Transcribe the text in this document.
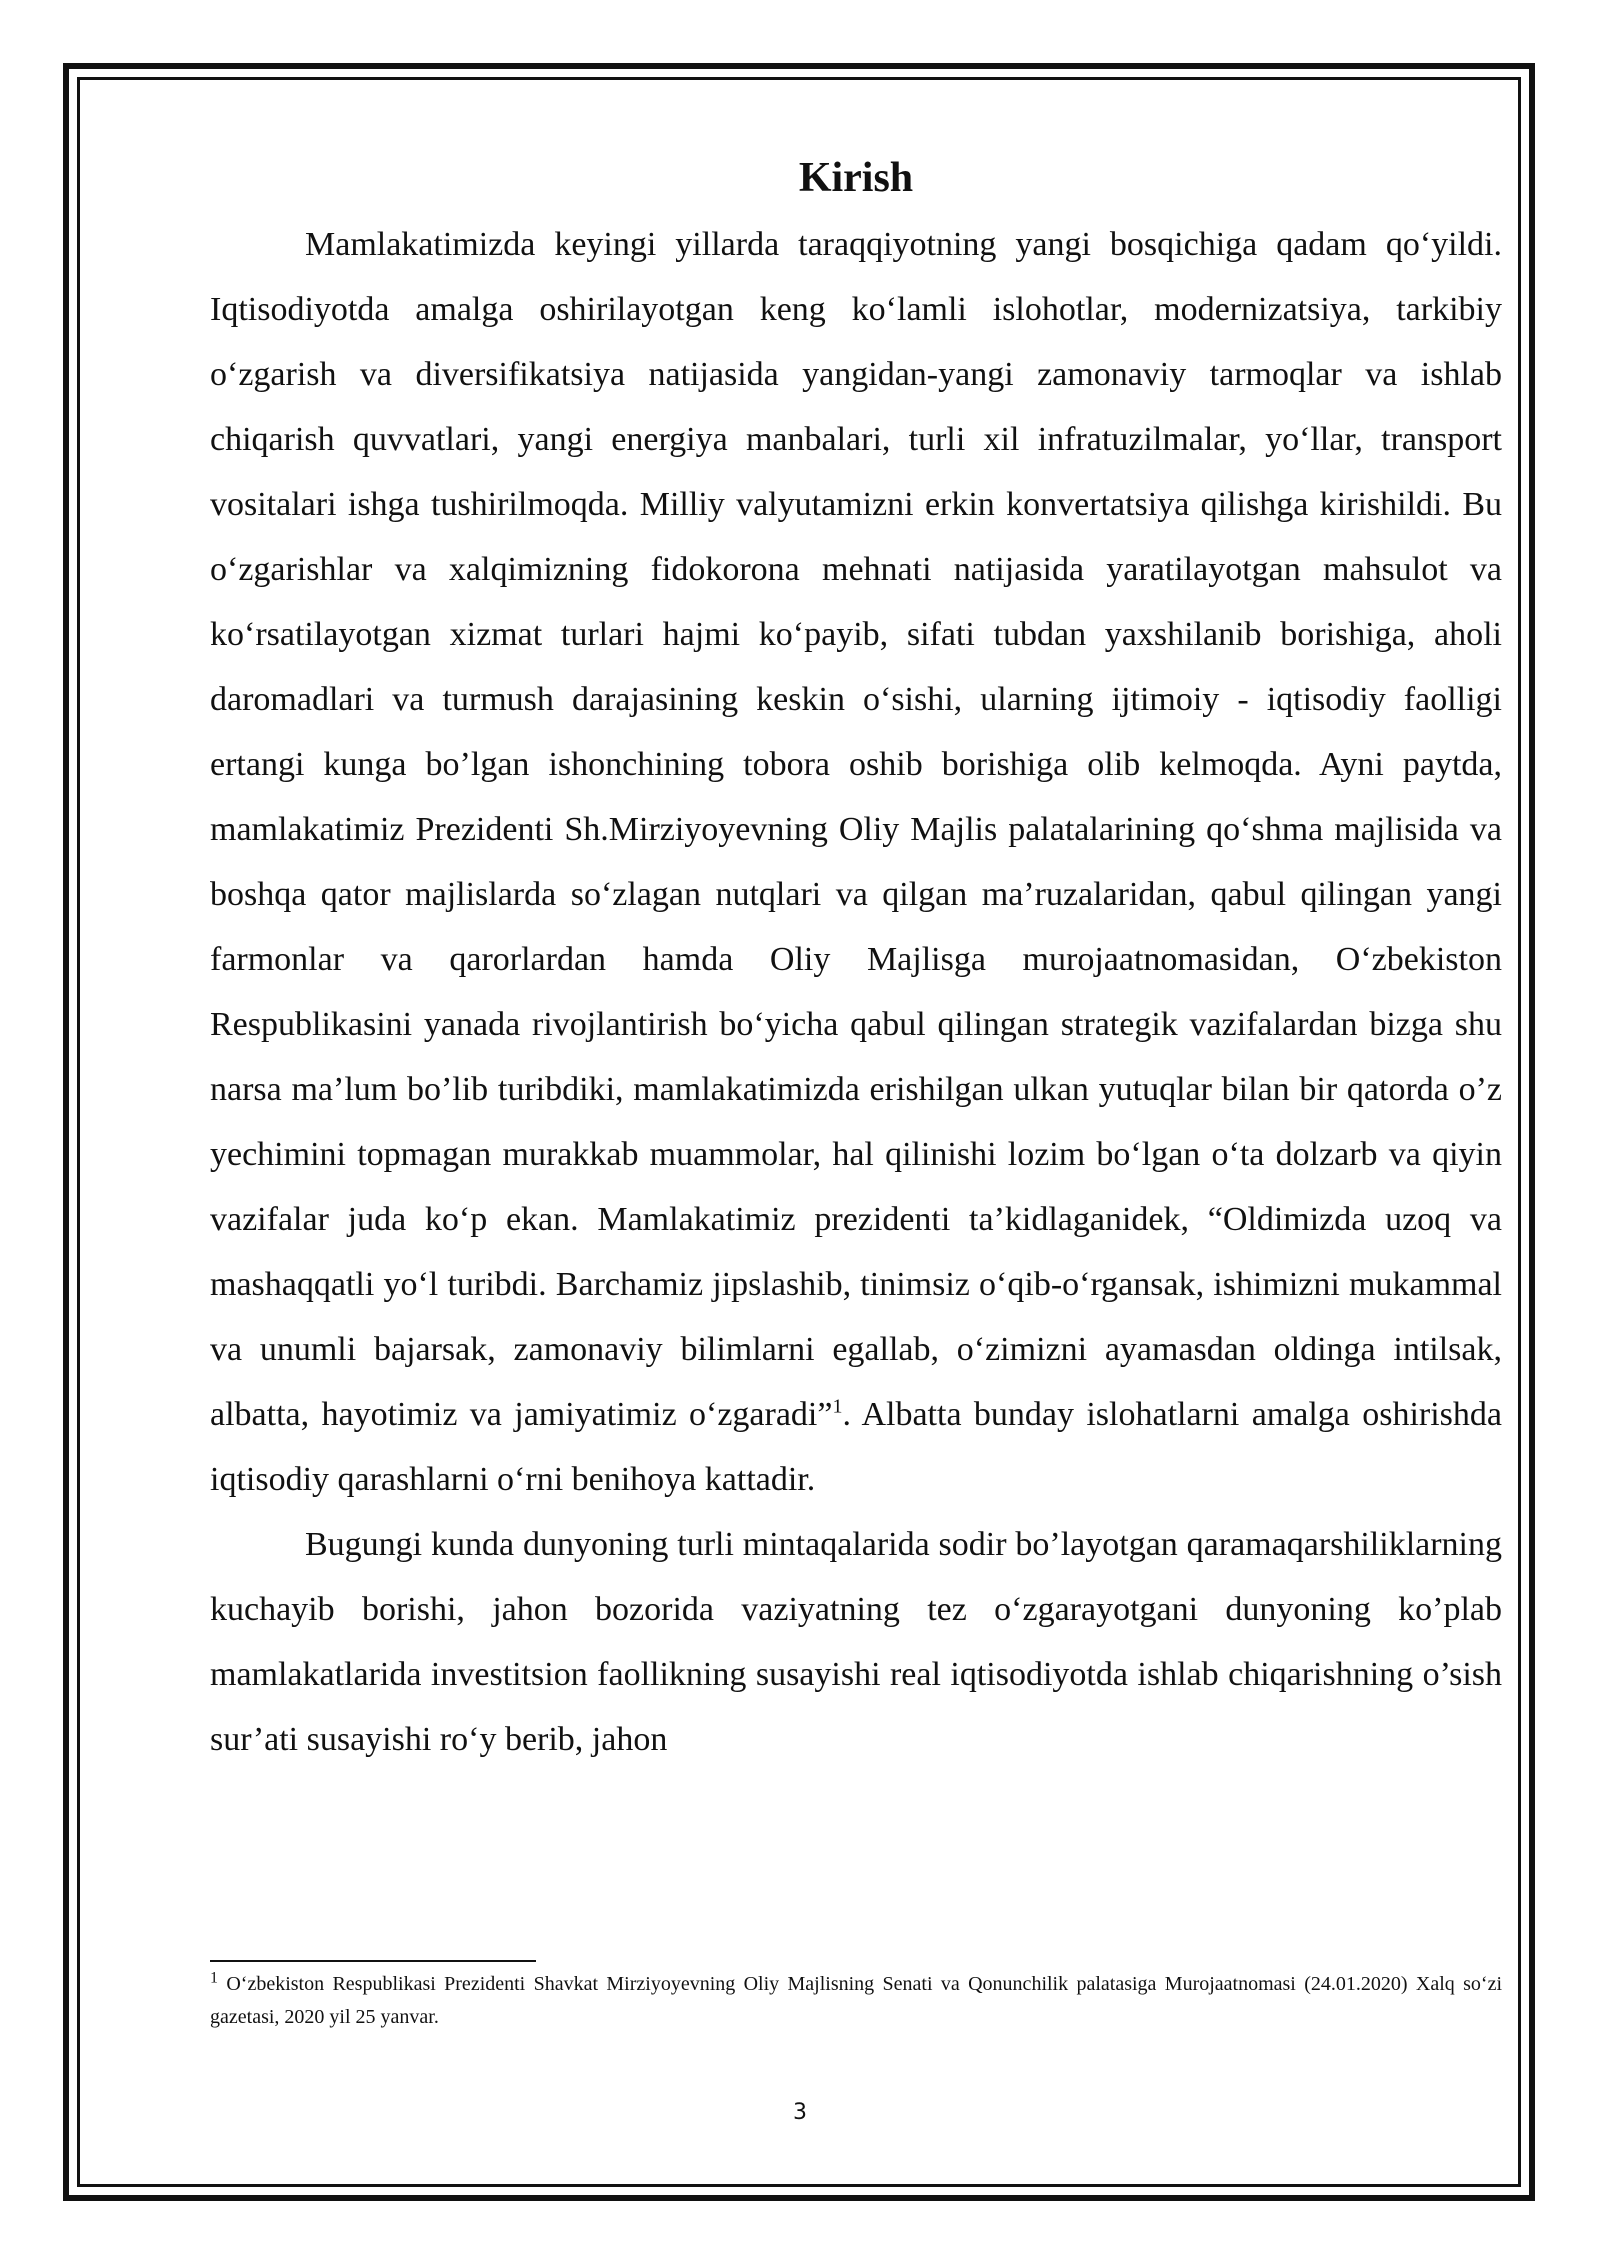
Kirish

Mamlakatimizda keyingi yillarda taraqqiyotning yangi bosqichiga qadam qo‘yildi. Iqtisodiyotda amalga oshirilayotgan keng ko‘lamli islohotlar, modernizatsiya, tarkibiy o‘zgarish va diversifikatsiya natijasida yangidan-yangi zamonaviy tarmoqlar va ishlab chiqarish quvvatlari, yangi energiya manbalari, turli xil infratuzilmalar, yo‘llar, transport vositalari ishga tushirilmoqda. Milliy valyutamizni erkin konvertatsiya qilishga kirishildi. Bu o‘zgarishlar va xalqimizning fidokorona mehnati natijasida yaratilayotgan mahsulot va ko‘rsatilayotgan xizmat turlari hajmi ko‘payib, sifati tubdan yaxshilanib borishiga, aholi daromadlari va turmush darajasining keskin o‘sishi, ularning ijtimoiy - iqtisodiy faolligi ertangi kunga bo’lgan ishonchining tobora oshib borishiga olib kelmoqda. Ayni paytda, mamlakatimiz Prezidenti Sh.Mirziyoyevning Oliy Majlis palatalarining qo‘shma majlisida va boshqa qator majlislarda so‘zlagan nutqlari va qilgan ma’ruzalaridan, qabul qilingan yangi farmonlar va qarorlardan hamda Oliy Majlisga murojaatnomasidan, O‘zbekiston Respublikasini yanada rivojlantirish bo‘yicha qabul qilingan strategik vazifalardan bizga shu narsa ma’lum bo’lib turibdiki, mamlakatimizda erishilgan ulkan yutuqlar bilan bir qatorda o’z yechimini topmagan murakkab muammolar, hal qilinishi lozim bo‘lgan o‘ta dolzarb va qiyin vazifalar juda ko‘p ekan. Mamlakatimiz prezidenti ta’kidlaganidek, “Oldimizda uzoq va mashaqqatli yo‘l turibdi. Barchamiz jipslashib, tinimsiz o‘qib-o‘rgansak, ishimizni mukammal va unumli bajarsak, zamonaviy bilimlarni egallab, o‘zimizni ayamasdan oldinga intilsak, albatta, hayotimiz va jamiyatimiz o‘zgaradi”$^1$. Albatta bunday islohatlarni amalga oshirishda iqtisodiy qarashlarni o‘rni benihoya kattadir.

Bugungi kunda dunyoning turli mintaqalarida sodir bo’layotgan qaramaqarshiliklarning kuchayib borishi, jahon bozorida vaziyatning tez o‘zgarayotgani dunyoning ko’plab mamlakatlarida investitsion faollikning susayishi real iqtisodiyotda ishlab chiqarishning o’sish sur’ati susayishi ro‘y berib, jahon

$^1$ O‘zbekiston Respublikasi Prezidenti Shavkat Mirziyoyevning Oliy Majlisning Senati va Qonunchilik palatasiga Murojaatnomasi (24.01.2020) Xalq so‘zi gazetasi, 2020 yil 25 yanvar.
3
